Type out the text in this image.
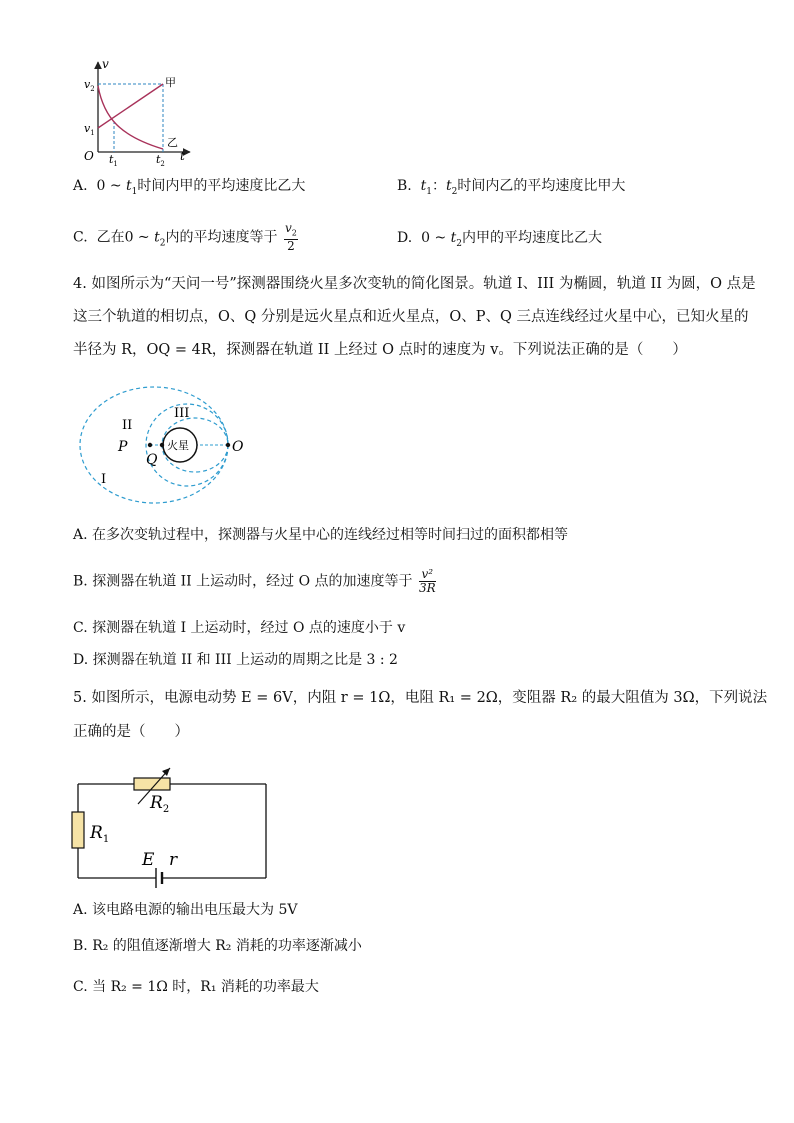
v
t
O
$v_2$
$v_1$
$t_1$	$t_2$
甲
乙
A. 0 ~ $t_1$时间内甲的平均速度比乙大	B. $t_1$：$t_2$时间内乙的平均速度比甲大
C. 乙在0 ~ $t_2$内的平均速度等于 $\frac{v_2}{2}$	D. 0 ~ $t_2$内甲的平均速度比乙大
4. 如图所示为“天问一号”探测器围绕火星多次变轨的简化图景。轨道 I、III 为椭圆，轨道 II 为圆，O 点是
这三个轨道的相切点，O、Q 分别是远火星点和近火星点，O、P、Q 三点连线经过火星中心，已知火星的
半径为 R，OQ = 4R，探测器在轨道 II 上经过 O 点时的速度为 v。下列说法正确的是（　　）
火星
P
Q
O
II
III
I
A. 在多次变轨过程中，探测器与火星中心的连线经过相等时间扫过的面积都相等
B. 探测器在轨道 II 上运动时，经过 O 点的加速度等于 $\frac{\text{v²}}{3R}$
C. 探测器在轨道 I 上运动时，经过 O 点的速度小于 v
D. 探测器在轨道 II 和 III 上运动的周期之比是 3 : 2
5. 如图所示，电源电动势 E = 6V，内阻 r = 1Ω，电阻 R₁ = 2Ω，变阻器 R₂ 的最大阻值为 3Ω，下列说法
正确的是（　　）
$R_2$
$R_1$
E r
A. 该电路电源的输出电压最大为 5V
B. R₂ 的阻值逐渐增大 R₂ 消耗的功率逐渐减小
C. 当 R₂ = 1Ω 时，R₁ 消耗的功率最大
